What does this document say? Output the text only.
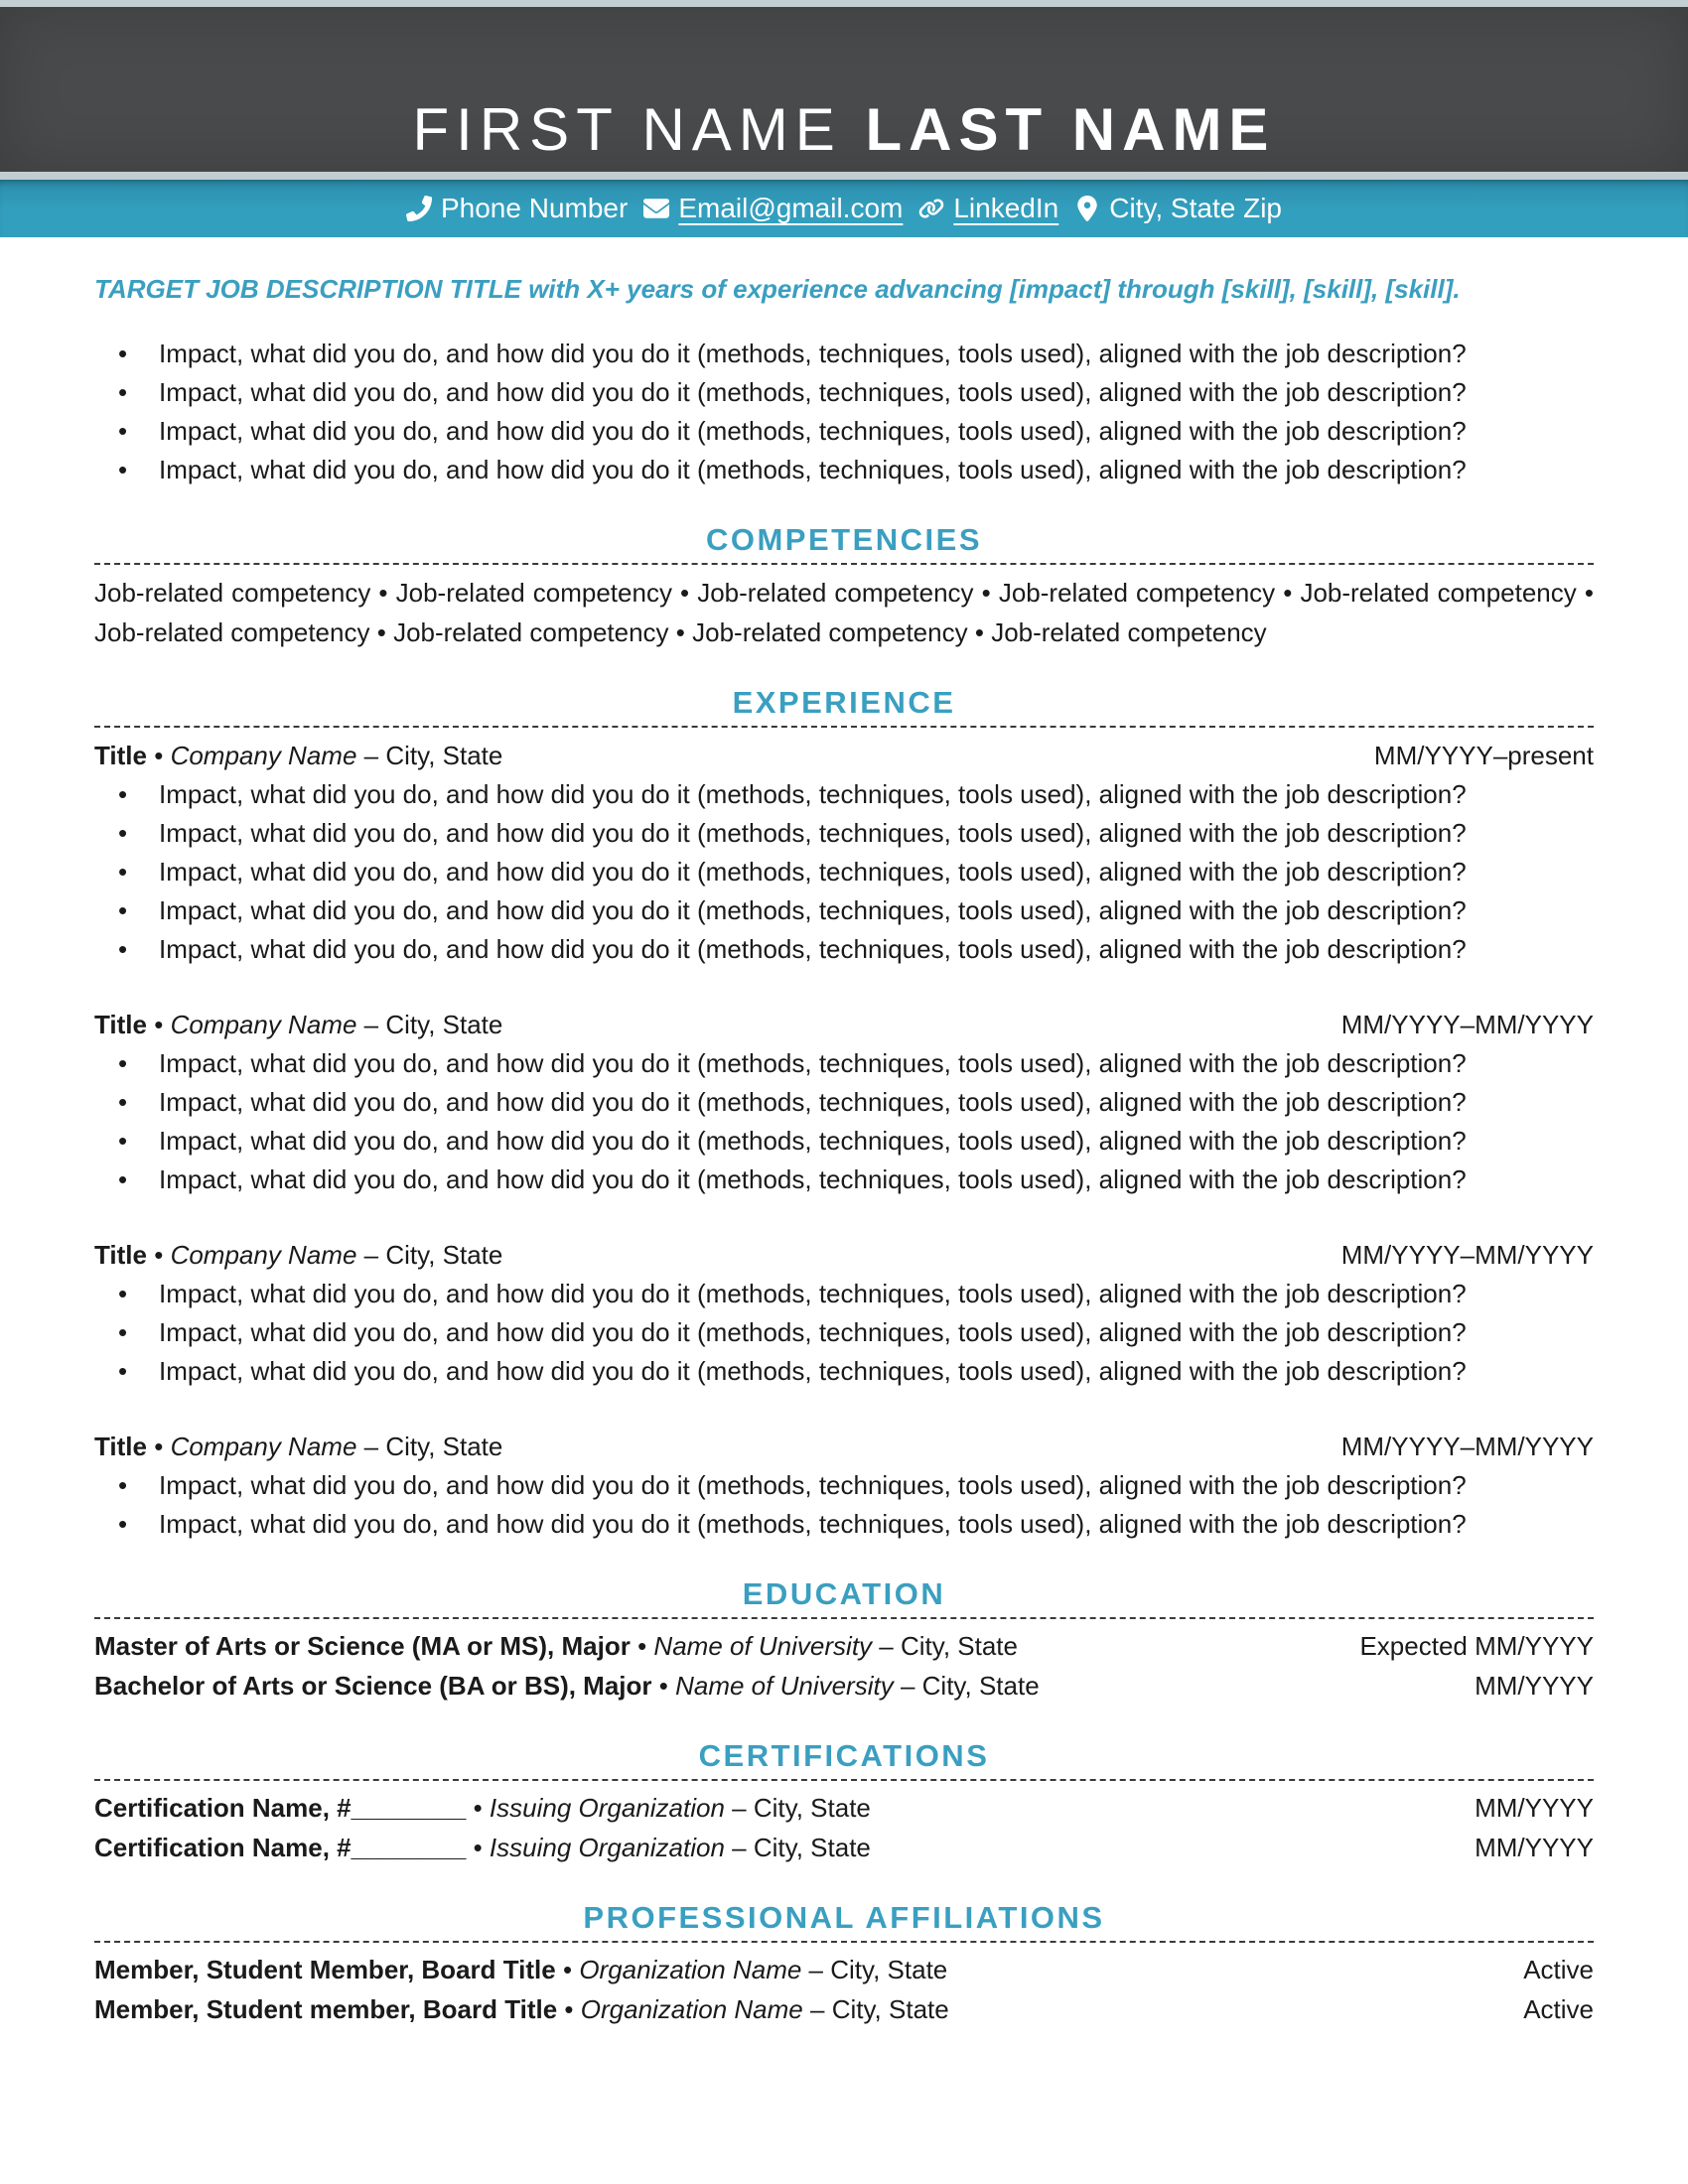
FIRST NAME LAST NAME
Phone Number Email@gmail.com LinkedIn City, State Zip

TARGET JOB DESCRIPTION TITLE with X+ years of experience advancing [impact] through [skill], [skill], [skill].

• Impact, what did you do, and how did you do it (methods, techniques, tools used), aligned with the job description?
• Impact, what did you do, and how did you do it (methods, techniques, tools used), aligned with the job description?
• Impact, what did you do, and how did you do it (methods, techniques, tools used), aligned with the job description?
• Impact, what did you do, and how did you do it (methods, techniques, tools used), aligned with the job description?
COMPETENCIES

Job-related competency • Job-related competency • Job-related competency • Job-related competency • Job-related competency • Job-related competency • Job-related competency • Job-related competency • Job-related competency

EXPERIENCE
Title • Company Name – City, State	MM/YYYY–present
• Impact, what did you do, and how did you do it (methods, techniques, tools used), aligned with the job description?
• Impact, what did you do, and how did you do it (methods, techniques, tools used), aligned with the job description?
• Impact, what did you do, and how did you do it (methods, techniques, tools used), aligned with the job description?
• Impact, what did you do, and how did you do it (methods, techniques, tools used), aligned with the job description?
• Impact, what did you do, and how did you do it (methods, techniques, tools used), aligned with the job description?
Title • Company Name – City, State	MM/YYYY–MM/YYYY
• Impact, what did you do, and how did you do it (methods, techniques, tools used), aligned with the job description?
• Impact, what did you do, and how did you do it (methods, techniques, tools used), aligned with the job description?
• Impact, what did you do, and how did you do it (methods, techniques, tools used), aligned with the job description?
• Impact, what did you do, and how did you do it (methods, techniques, tools used), aligned with the job description?
Title • Company Name – City, State	MM/YYYY–MM/YYYY
• Impact, what did you do, and how did you do it (methods, techniques, tools used), aligned with the job description?
• Impact, what did you do, and how did you do it (methods, techniques, tools used), aligned with the job description?
• Impact, what did you do, and how did you do it (methods, techniques, tools used), aligned with the job description?
Title • Company Name – City, State	MM/YYYY–MM/YYYY
• Impact, what did you do, and how did you do it (methods, techniques, tools used), aligned with the job description?
• Impact, what did you do, and how did you do it (methods, techniques, tools used), aligned with the job description?
EDUCATION
Master of Arts or Science (MA or MS), Major • Name of University – City, State	Expected MM/YYYY
Bachelor of Arts or Science (BA or BS), Major • Name of University – City, State	MM/YYYY
CERTIFICATIONS
Certification Name, #________ • Issuing Organization – City, State	MM/YYYY
Certification Name, #________ • Issuing Organization – City, State	MM/YYYY
PROFESSIONAL AFFILIATIONS
Member, Student Member, Board Title • Organization Name – City, State	Active
Member, Student member, Board Title • Organization Name – City, State	Active
